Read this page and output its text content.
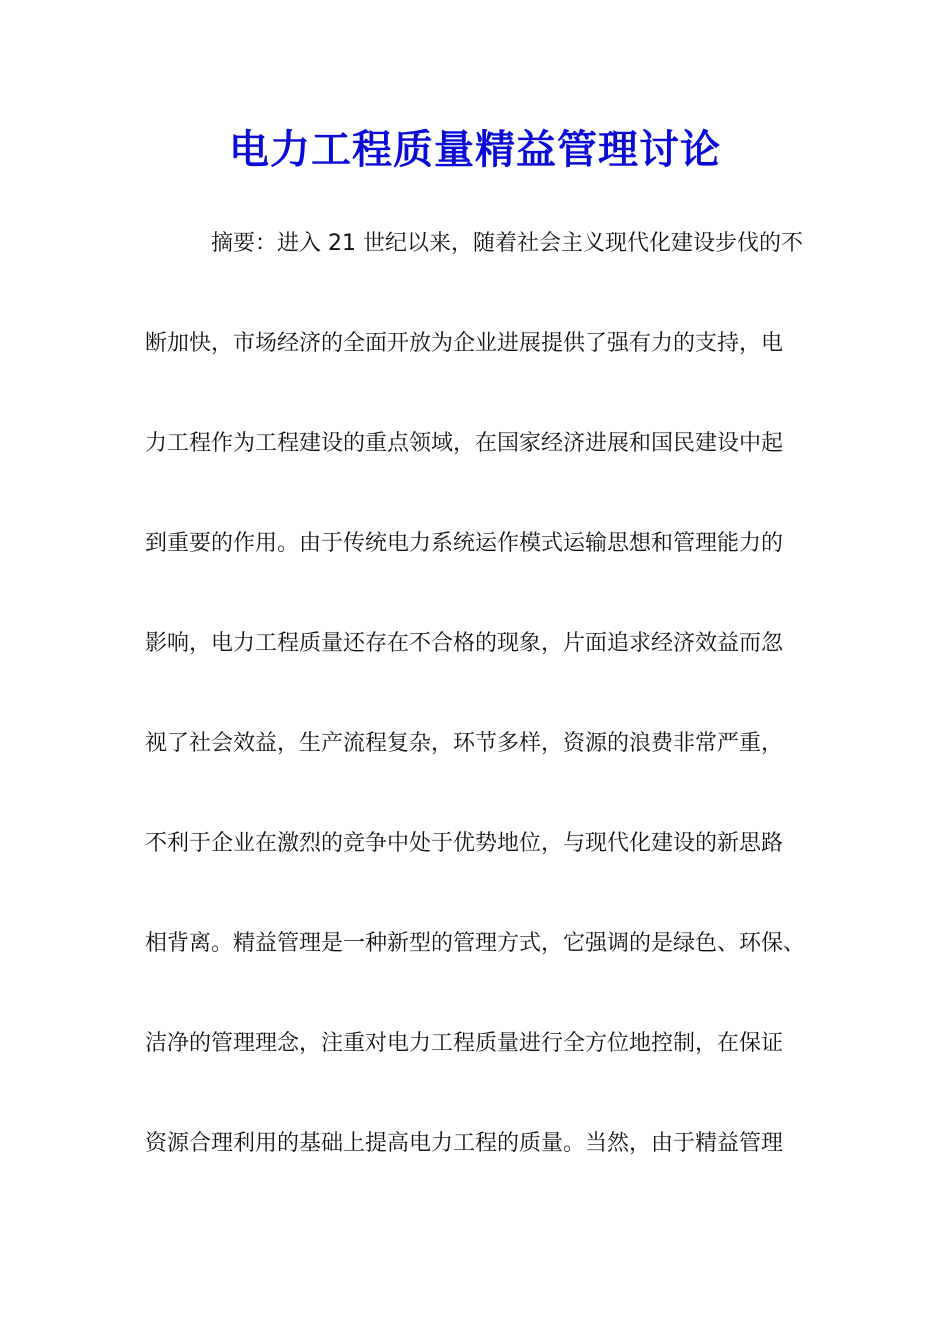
电力工程质量精益管理讨论
摘要：进入 21 世纪以来，随着社会主义现代化建设步伐的不
断加快，市场经济的全面开放为企业进展提供了强有力的支持，电
力工程作为工程建设的重点领域，在国家经济进展和国民建设中起
到重要的作用。由于传统电力系统运作模式运输思想和管理能力的
影响，电力工程质量还存在不合格的现象，片面追求经济效益而忽
视了社会效益，生产流程复杂，环节多样，资源的浪费非常严重，
不利于企业在激烈的竞争中处于优势地位，与现代化建设的新思路
相背离。精益管理是一种新型的管理方式，它强调的是绿色、环保、
洁净的管理理念，注重对电力工程质量进行全方位地控制，在保证
资源合理利用的基础上提高电力工程的质量。当然，由于精益管理
